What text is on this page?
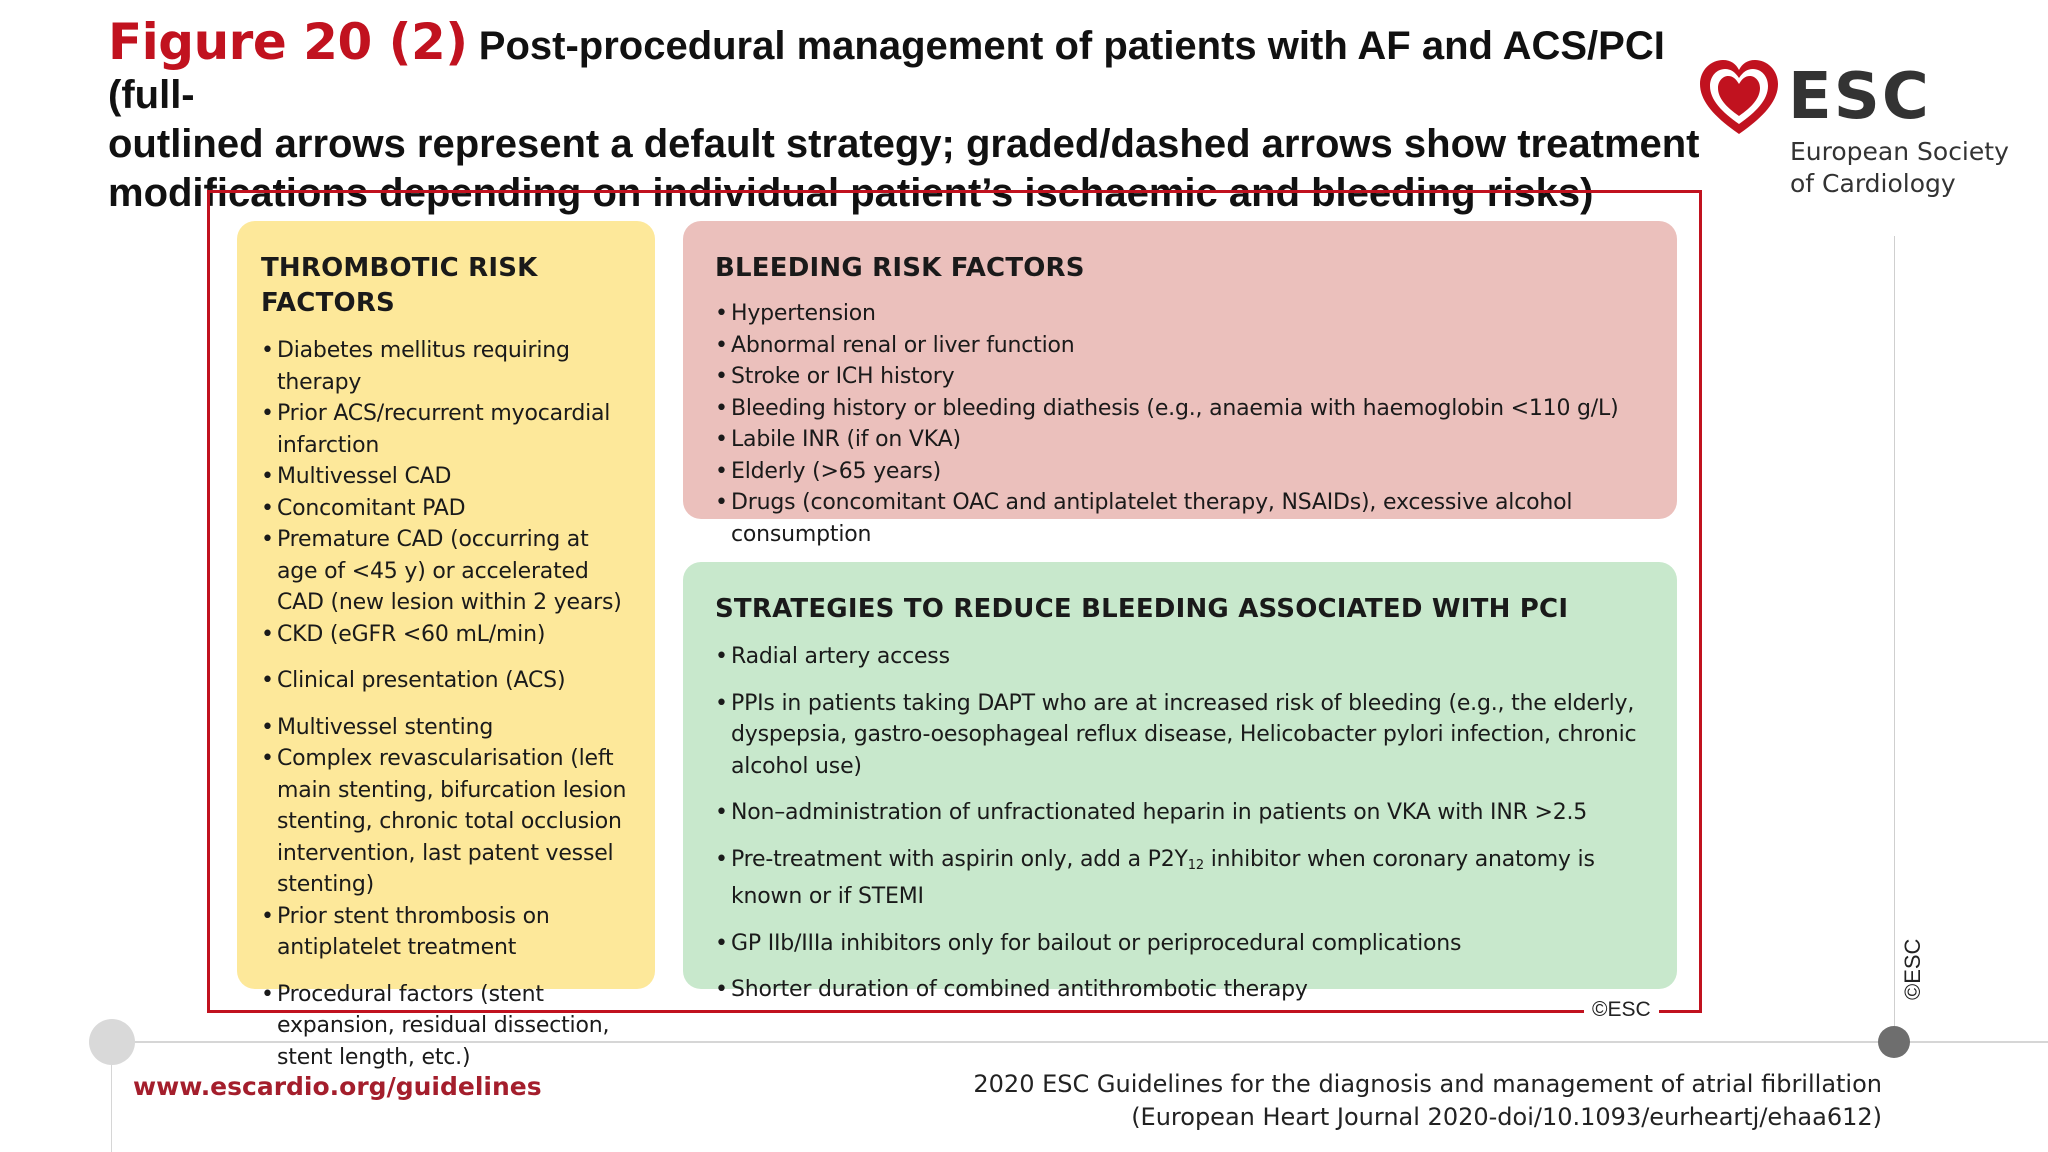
Figure 20 (2) Post-procedural management of patients with AF and ACS/PCI (full-

outlined arrows represent a default strategy; graded/dashed arrows show treatment

modifications depending on individual patient’s ischaemic and bleeding risks)

ESC
European Society
of Cardiology
©ESC
THROMBOTIC RISK
FACTORS
• Diabetes mellitus requiring therapy
• Prior ACS/recurrent myocardial infarction
• Multivessel CAD
• Concomitant PAD
• Premature CAD (occurring at age of <45 y) or accelerated CAD (new lesion within 2 years)
• CKD (eGFR <60 mL/min)
• Clinical presentation (ACS)
• Multivessel stenting
• Complex revascularisation (left main stenting, bifurcation lesion stenting, chronic total occlusion intervention, last patent vessel stenting)
• Prior stent thrombosis on antiplatelet treatment
• Procedural factors (stent expansion, residual dissection, stent length, etc.)
BLEEDING RISK FACTORS
• Hypertension
• Abnormal renal or liver function
• Stroke or ICH history
• Bleeding history or bleeding diathesis (e.g., anaemia with haemoglobin <110 g/L)
• Labile INR (if on VKA)
• Elderly (>65 years)
• Drugs (concomitant OAC and antiplatelet therapy, NSAIDs), excessive alcohol consumption
STRATEGIES TO REDUCE BLEEDING ASSOCIATED WITH PCI
• Radial artery access
• PPIs in patients taking DAPT who are at increased risk of bleeding (e.g., the elderly, dyspepsia, gastro-oesophageal reflux disease, Helicobacter pylori infection, chronic alcohol use)
• Non–administration of unfractionated heparin in patients on VKA with INR >2.5
• Pre-treatment with aspirin only, add a $P2Y_{12}$ inhibitor when coronary anatomy is known or if STEMI
• GP IIb/IIIa inhibitors only for bailout or periprocedural complications
• Shorter duration of combined antithrombotic therapy	©ESC
www.escardio.org/guidelines	2020 ESC Guidelines for the diagnosis and management of atrial fibrillation
(European Heart Journal 2020-doi/10.1093/eurheartj/ehaa612)
